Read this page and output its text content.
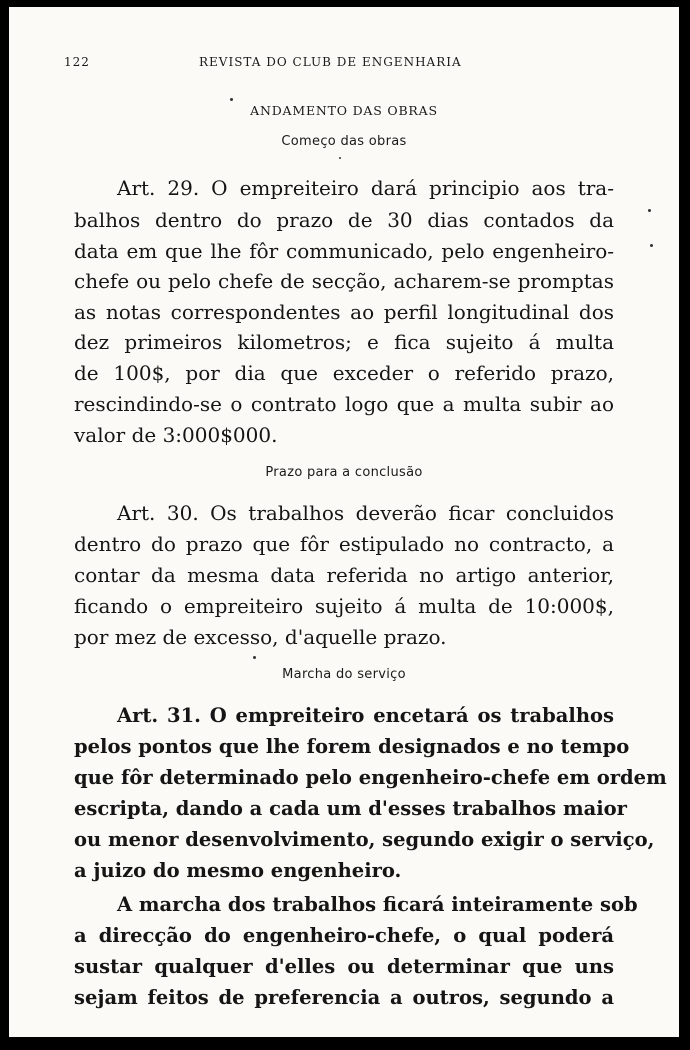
122	REVISTA DO CLUB DE ENGENHARIA
ANDAMENTO DAS OBRAS
Começo das obras
Art. 29. O empreiteiro dará principio aos tra-
balhos dentro do prazo de 30 dias contados da
data em que lhe fôr communicado, pelo engenheiro-
chefe ou pelo chefe de secção, acharem-se promptas
as notas correspondentes ao perfil longitudinal dos
dez primeiros kilometros; e fica sujeito á multa
de 100$, por dia que exceder o referido prazo,
rescindindo-se o contrato logo que a multa subir ao
valor de 3:000$000.
Prazo para a conclusão
Art. 30. Os trabalhos deverão ficar concluidos
dentro do prazo que fôr estipulado no contracto, a
contar da mesma data referida no artigo anterior,
ficando o empreiteiro sujeito á multa de 10:000$,
por mez de excesso, d'aquelle prazo.
Marcha do serviço
Art. 31. O empreiteiro encetará os trabalhos
pelos pontos que lhe forem designados e no tempo
que fôr determinado pelo engenheiro-chefe em ordem
escripta, dando a cada um d'esses trabalhos maior
ou menor desenvolvimento, segundo exigir o serviço,
a juizo do mesmo engenheiro.
A marcha dos trabalhos ficará inteiramente sob
a direcção do engenheiro-chefe, o qual poderá
sustar qualquer d'elles ou determinar que uns
sejam feitos de preferencia a outros, segundo a
